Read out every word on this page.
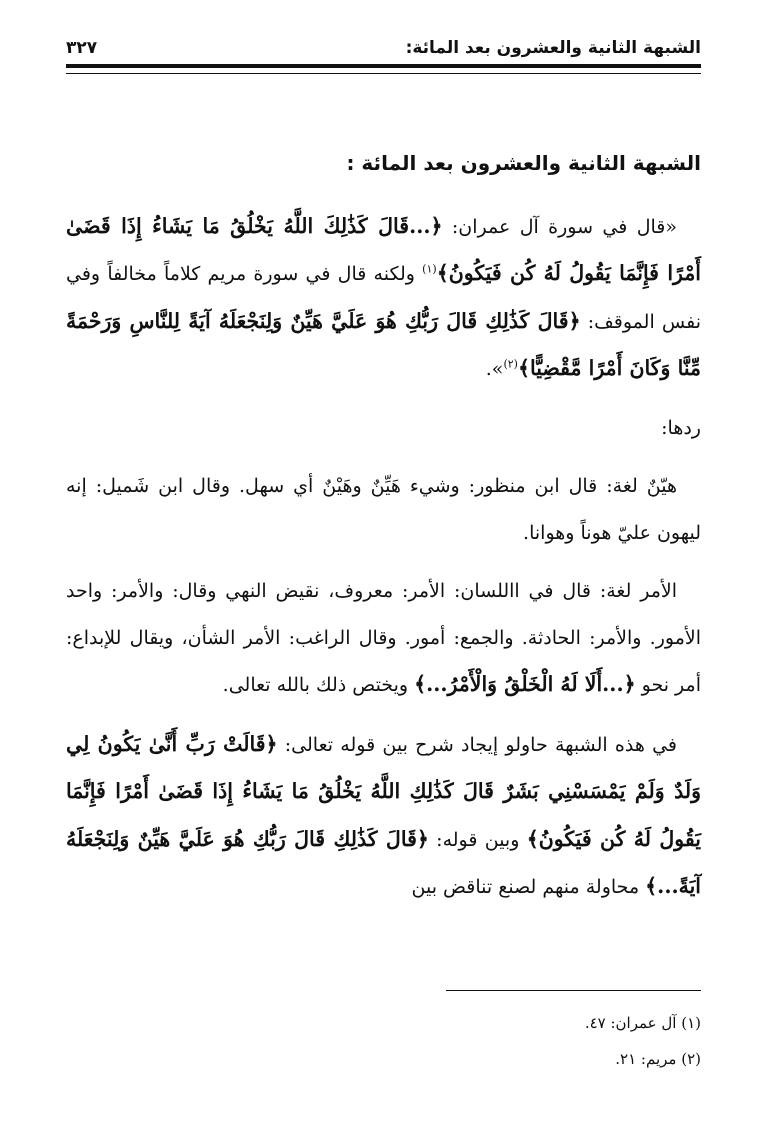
الشبهة الثانية والعشرون بعد المائة:
٣٢٧

الشبهة الثانية والعشرون بعد المائة :

«قال في سورة آل عمران: ﴿...قَالَ كَذَٰلِكَ اللَّهُ يَخْلُقُ مَا يَشَاءُ إِذَا قَضَىٰ أَمْرًا فَإِنَّمَا يَقُولُ لَهُ كُن فَيَكُونُ﴾$^{(١)}$ ولكنه قال في سورة مريم كلاماً مخالفاً وفي نفس الموقف: ﴿قَالَ كَذَٰلِكِ قَالَ رَبُّكِ هُوَ عَلَيَّ هَيِّنٌ وَلِنَجْعَلَهُ آيَةً لِلنَّاسِ وَرَحْمَةً مِّنَّا وَكَانَ أَمْرًا مَّقْضِيًّا﴾$^{(٢)}$».

ردها:

هيّنٌ لغة: قال ابن منظور: وشيء هَيِّنٌ وهَيْنٌ أي سهل. وقال ابن شَميل: إنه ليهون عليّ هوناً وهوانا.

الأمر لغة: قال في االلسان: الأمر: معروف، نقيض النهي وقال: والأمر: واحد الأمور. والأمر: الحادثة. والجمع: أمور. وقال الراغب: الأمر الشأن، ويقال للإبداع: أمر نحو ﴿...أَلَا لَهُ الْخَلْقُ وَالْأَمْرُ...﴾ ويختص ذلك بالله تعالى.

في هذه الشبهة حاولو إيجاد شرح بين قوله تعالى: ﴿قَالَتْ رَبِّ أَنَّىٰ يَكُونُ لِي وَلَدٌ وَلَمْ يَمْسَسْنِي بَشَرٌ قَالَ كَذَٰلِكِ اللَّهُ يَخْلُقُ مَا يَشَاءُ إِذَا قَضَىٰ أَمْرًا فَإِنَّمَا يَقُولُ لَهُ كُن فَيَكُونُ﴾ وبين قوله: ﴿قَالَ كَذَٰلِكِ قَالَ رَبُّكِ هُوَ عَلَيَّ هَيِّنٌ وَلِنَجْعَلَهُ آيَةً...﴾ محاولة منهم لصنع تناقض بين

(١) آل عمران: ٤٧.
(٢) مريم: ٢١.
